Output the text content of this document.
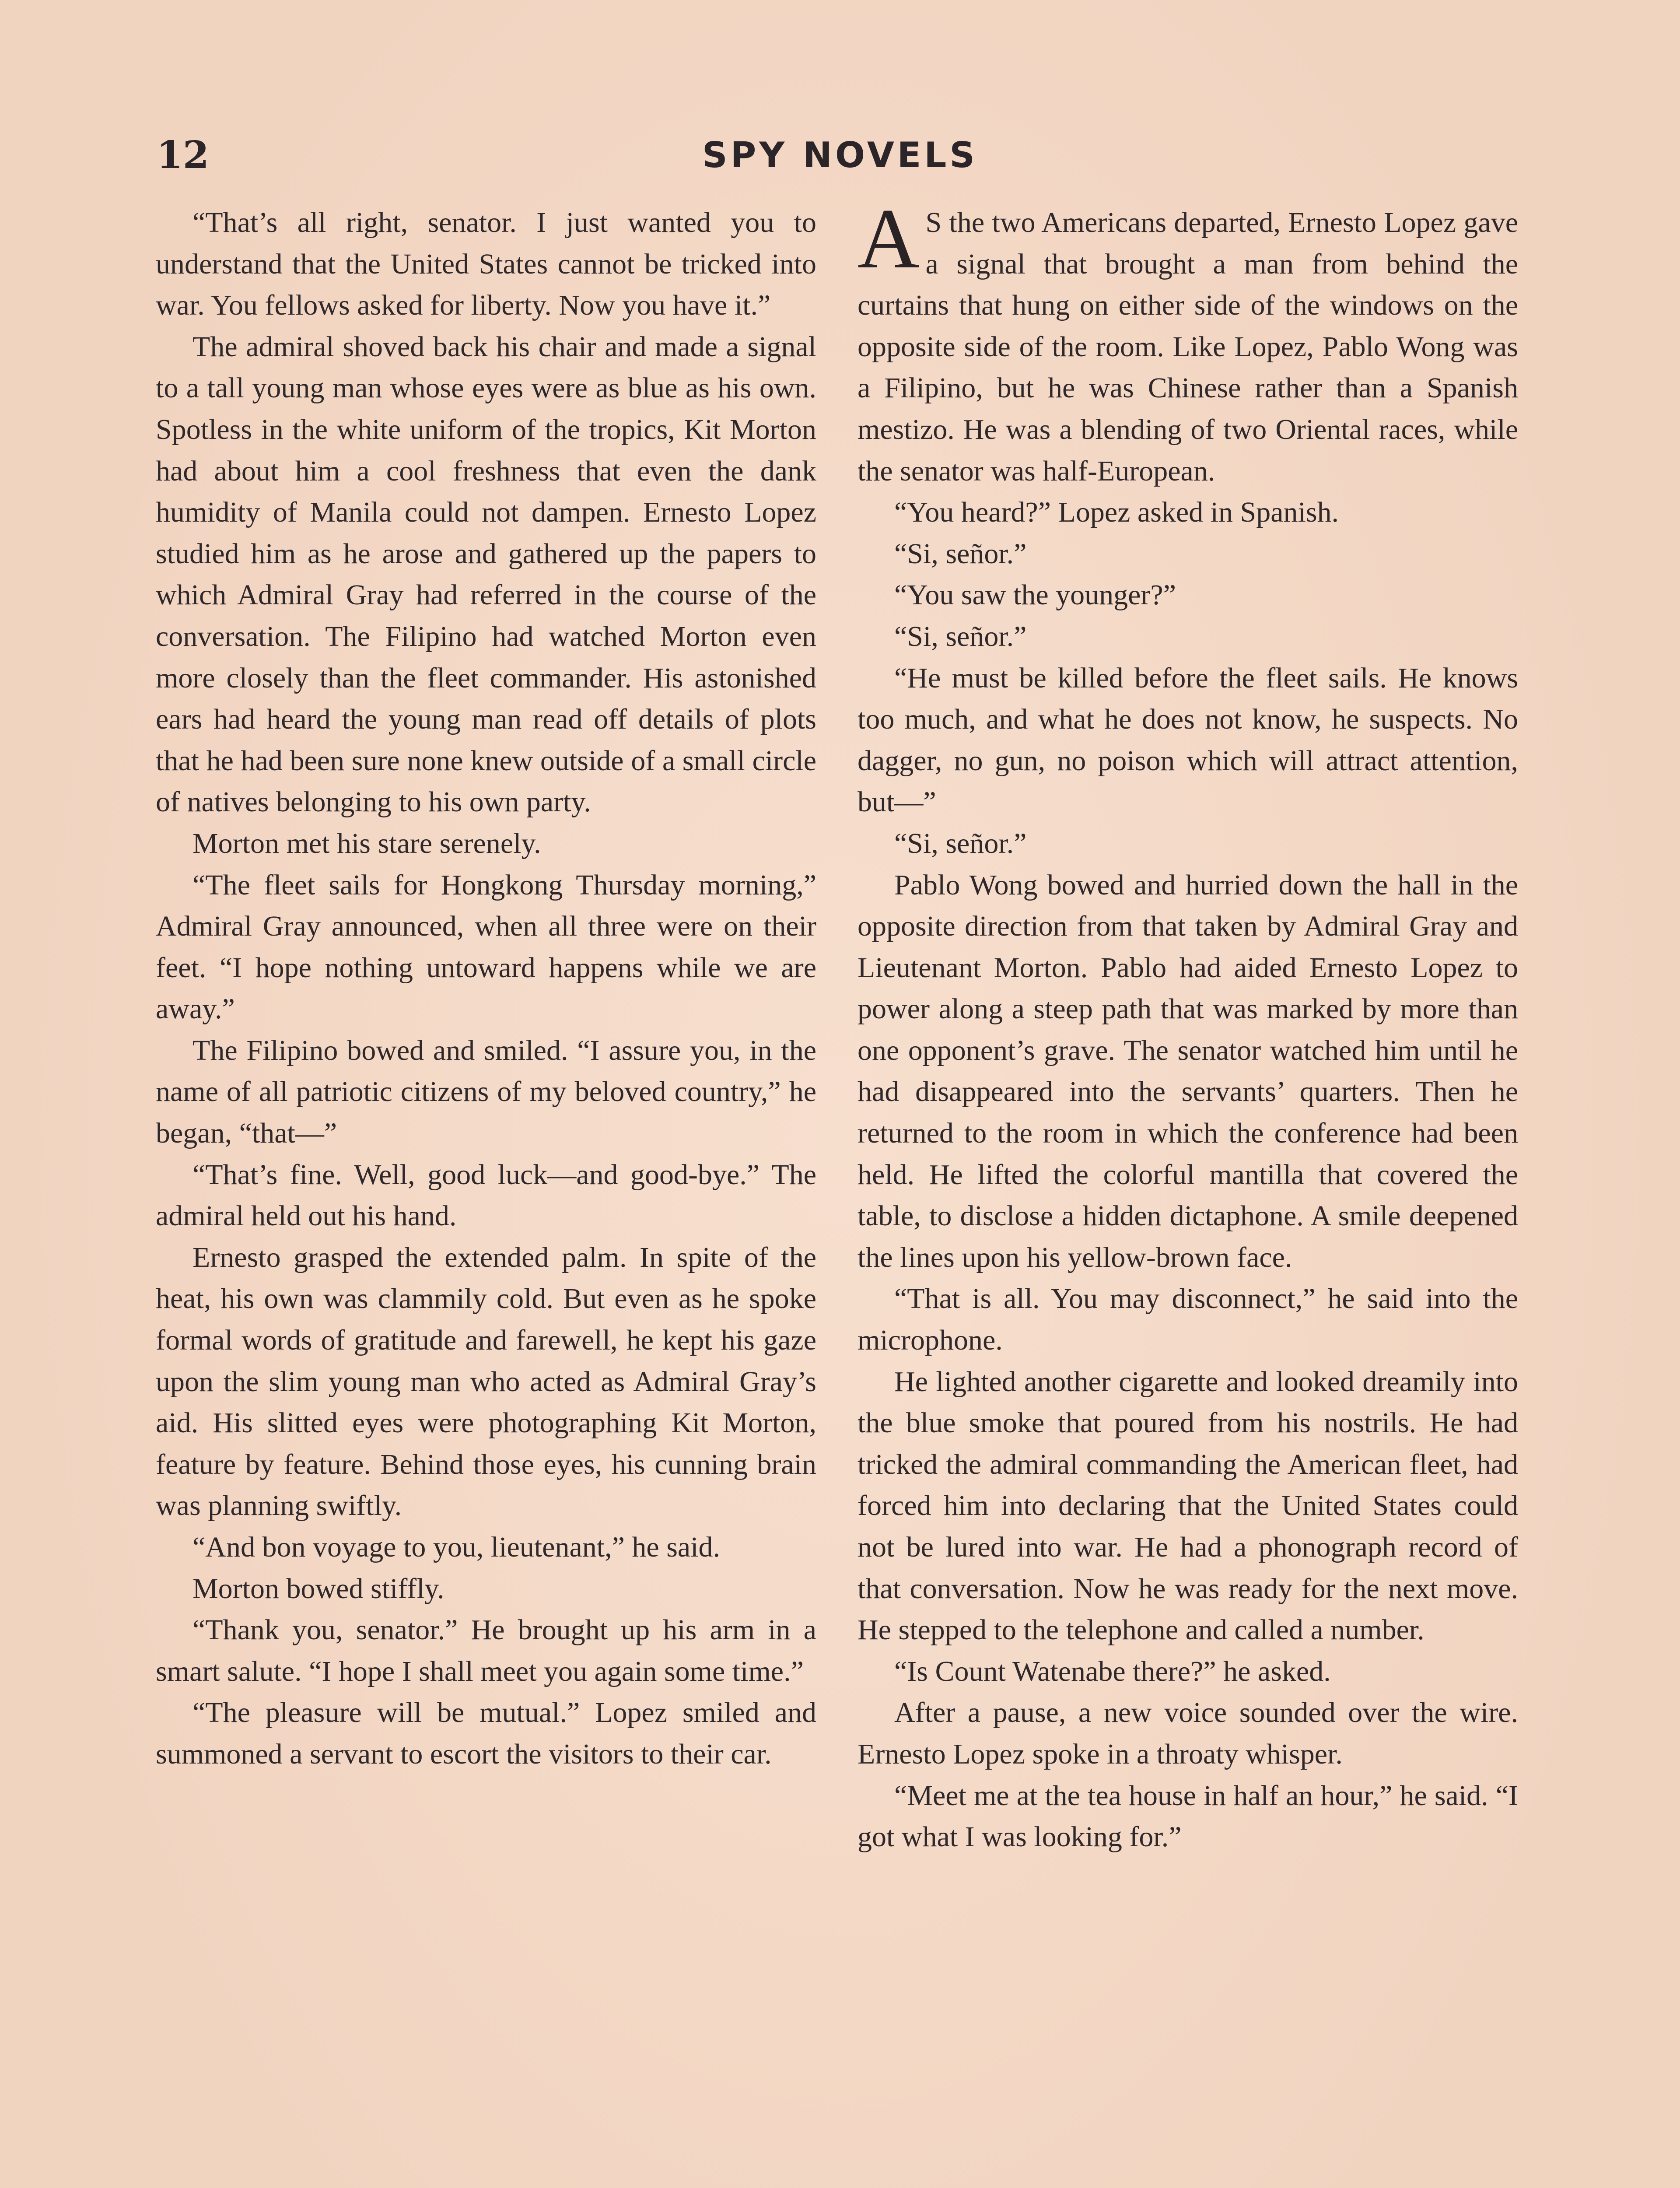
12	SPY NOVELS

“That’s all right, senator. I just wanted you to understand that the United States cannot be tricked into war. You fellows asked for liberty. Now you have it.”

The admiral shoved back his chair and made a signal to a tall young man whose eyes were as blue as his own. Spotless in the white uniform of the tropics, Kit Morton had about him a cool freshness that even the dank humidity of Manila could not dampen. Ernesto Lopez studied him as he arose and gathered up the papers to which Admiral Gray had referred in the course of the conversation. The Filipino had watched Morton even more closely than the fleet commander. His astonished ears had heard the young man read off details of plots that he had been sure none knew outside of a small circle of natives belonging to his own party.

Morton met his stare serenely.

“The fleet sails for Hongkong Thursday morning,” Admiral Gray announced, when all three were on their feet. “I hope nothing untoward happens while we are away.”

The Filipino bowed and smiled. “I assure you, in the name of all patriotic citizens of my beloved country,” he began, “that—”

“That’s fine. Well, good luck—and good-bye.” The admiral held out his hand.

Ernesto grasped the extended palm. In spite of the heat, his own was clammily cold. But even as he spoke formal words of gratitude and farewell, he kept his gaze upon the slim young man who acted as Admiral Gray’s aid. His slitted eyes were photographing Kit Morton, feature by feature. Behind those eyes, his cunning brain was planning swiftly.

“And bon voyage to you, lieutenant,” he said.

Morton bowed stiffly.

“Thank you, senator.” He brought up his arm in a smart salute. “I hope I shall meet you again some time.”

“The pleasure will be mutual.” Lopez smiled and summoned a servant to escort the visitors to their car.

A S the two Americans departed, Ernesto Lopez gave a signal that brought a man from behind the curtains that hung on either side of the windows on the opposite side of the room. Like Lopez, Pablo Wong was a Filipino, but he was Chinese rather than a Spanish mestizo. He was a blending of two Oriental races, while the senator was half-European.

“You heard?” Lopez asked in Spanish.

“Si, señor.”

“You saw the younger?”

“Si, señor.”

“He must be killed before the fleet sails. He knows too much, and what he does not know, he suspects. No dagger, no gun, no poison which will attract attention, but—”

“Si, señor.”

Pablo Wong bowed and hurried down the hall in the opposite direction from that taken by Admiral Gray and Lieutenant Morton. Pablo had aided Ernesto Lopez to power along a steep path that was marked by more than one opponent’s grave. The senator watched him until he had disappeared into the servants’ quarters. Then he returned to the room in which the conference had been held. He lifted the colorful mantilla that covered the table, to disclose a hidden dictaphone. A smile deepened the lines upon his yellow-brown face.

“That is all. You may disconnect,” he said into the microphone.

He lighted another cigarette and looked dreamily into the blue smoke that poured from his nostrils. He had tricked the admiral commanding the American fleet, had forced him into declaring that the United States could not be lured into war. He had a phonograph record of that conversation. Now he was ready for the next move. He stepped to the telephone and called a number.

“Is Count Watenabe there?” he asked.

After a pause, a new voice sounded over the wire. Ernesto Lopez spoke in a throaty whisper.

“Meet me at the tea house in half an hour,” he said. “I got what I was looking for.”
